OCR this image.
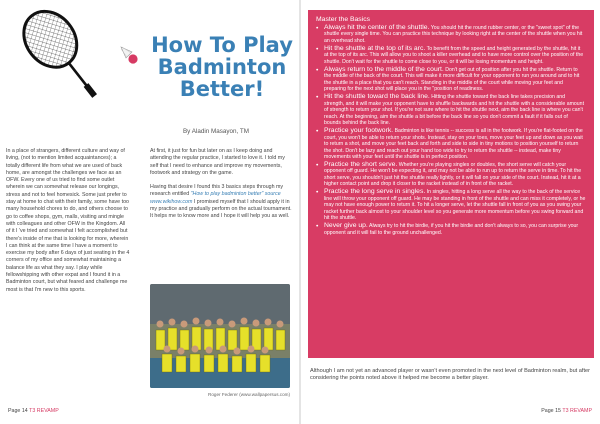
How To Play
Badminton
Better!
By Aladin Masayon, TM

In a place of strangers, different culture and way of living, (not to mention limited acquaintances); a totally different life from what we are used of back home, are amongst the challenges we face as an OFW. Every one of us tried to find some outlet wherein we can somewhat release our longings, stress and not to feel homesick. Some just prefer to stay at home to chat with their family, some have too many household chores to do, and others choose to go to coffee shops, gym, malls, visiting and mingle with colleagues and other OFW in the Kingdom. All of it I 've tried and somewhat I felt accomplished but there's inside of me that is looking for more, wherein I can think at the same time I have a moment to exercise my body after 6 days of just seating in the 4 corners of my office and somewhat maintaining a balance life as what they say. I play while fellowshipping with other expat and I found it in a Badminton court, but what feared and challenge me most is that I'm new to this sports.

At first, it just for fun but later on as I keep doing and attending the regular practice, I started to love it. I told my self that I need to enhance and improve my movements, footwork and strategy on the game.

Having that desire I found this 3 basics steps through my research entitled "How to play badminton better" source www.wikihow.com I promised myself that I should apply it in my practice and gradually perform on the actual tournament. It helps me to know more and I hope it will help you as well.

Roger Federer (www.wallpapersus.com)
Page 14 T3 REVAMP
Master the Basics
• Always hit the center of the shuttle. You should hit the round rubber center, or the "sweet spot" of the shuttle every single time. You can practice this technique by looking right at the center of the shuttle when you hit an overhead shot.
• Hit the shuttle at the top of its arc. To benefit from the speed and height generated by the shuttle, hit it at the top of its arc. This will allow you to shoot a killer overhead and to have more control over the position of the shuttle. Don't wait for the shuttle to come close to you, or it will be losing momentum and height.
• Always return to the middle of the court. Don't get out of position after you hit the shuttle. Return to the middle of the back of the court. This will make it more difficult for your opponent to run you around and to hit the shuttle in a place that you can't reach. Standing in the middle of the court while moving your feet and preparing for the next shot will place you in the "position of readiness.
• Hit the shuttle toward the back line. Hitting the shuttle toward the back line takes precision and strength, and it will make your opponent have to shuffle backwards and hit the shuttle with a considerable amount of strength to return your shot. If you're not sure where to hit the shuttle next, aim the back line is where you can't reach. At the beginning, aim the shuttle a bit before the back line so you don't commit a fault if it falls out of bounds behind the back line.
• Practice your footwork. Badminton is like tennis -- success is all in the footwork. If you're flat-footed on the court, you won't be able to return your shots. Instead, stay on your toes, move your feet up and down as you wait to return a shot, and move your feet back and forth and side to side in tiny motions to position yourself to return the shot. Don't be lazy and reach out your hand too wide to try to return the shuttle -- instead, make tiny movements with your feet until the shuttle is in perfect position.
• Practice the short serve. Whether you're playing singles or doubles, the short serve will catch your opponent off guard. He won't be expecting it, and may not be able to run up to return the serve in time. To hit the short serve, you shouldn't just hit the shuttle really lightly, or it will fall on your side of the court. Instead, hit it at a higher contact point and drop it closer to the racket instead of in front of the racket.
• Practice the long serve in singles. In singles, hitting a long serve all the way to the back of the service line will throw your opponent off guard. He may be standing in front of the shuttle and can miss it completely, or he may not have enough power to return it. To hit a longer serve, let the shuttle fall in front of you as you swing your racket further back almost to your shoulder level so you generate more momentum before you swing forward and hit the shuttle.
• Never give up. Always try to hit the birdie, if you hit the birdie and don't always to so, you can surprise your opponent and it will fail to the ground unchallenged.
Although I am not yet an advanced player or wasn't even promoted in the next level of Badminton realm, but after considering the points noted above it helped me become a better player.
Page 15 T3 REVAMP
